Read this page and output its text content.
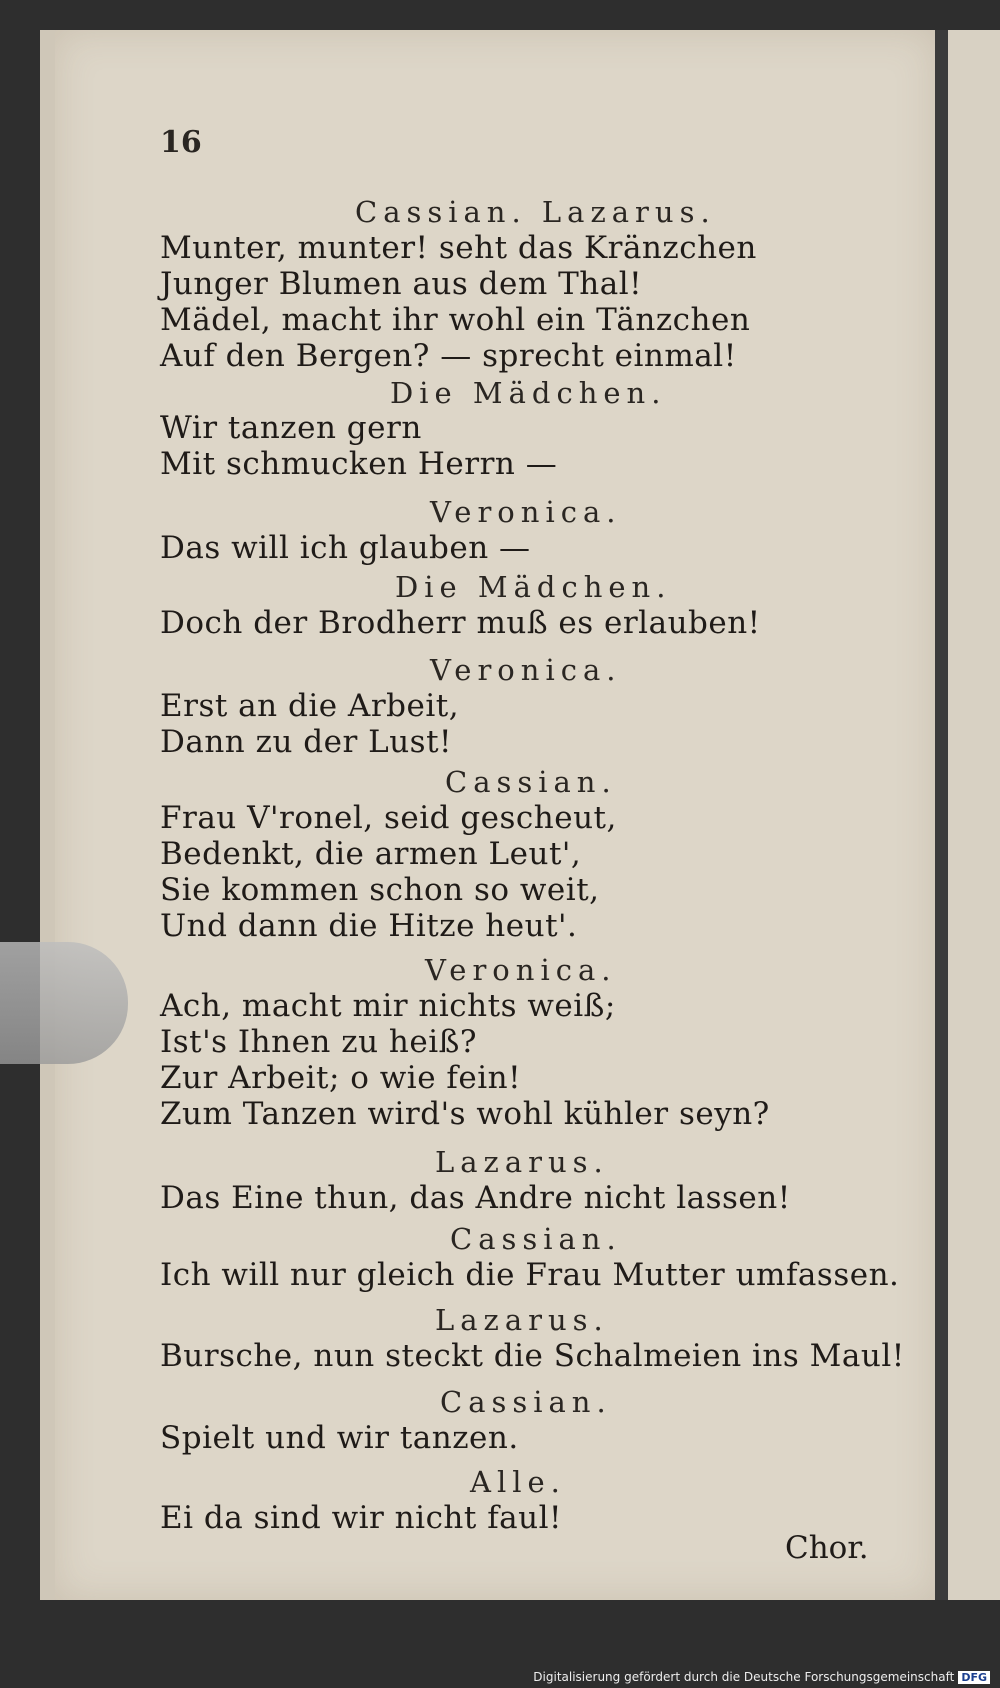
16
Cassian. Lazarus.
Munter, munter! seht das Kränzchen
Junger Blumen aus dem Thal!
Mädel, macht ihr wohl ein Tänzchen
Auf den Bergen? — sprecht einmal!
Die Mädchen.
Wir tanzen gern
Mit schmucken Herrn —
Veronica.
Das will ich glauben —
Die Mädchen.
Doch der Brodherr muß es erlauben!
Veronica.
Erst an die Arbeit,
Dann zu der Lust!
Cassian.
Frau V'ronel, seid gescheut,
Bedenkt, die armen Leut',
Sie kommen schon so weit,
Und dann die Hitze heut'.
Veronica.
Ach, macht mir nichts weiß;
Ist's Ihnen zu heiß?
Zur Arbeit; o wie fein!
Zum Tanzen wird's wohl kühler seyn?
Lazarus.
Das Eine thun, das Andre nicht lassen!
Cassian.
Ich will nur gleich die Frau Mutter umfassen.
Lazarus.
Bursche, nun steckt die Schalmeien ins Maul!
Cassian.
Spielt und wir tanzen.
Alle.
Ei da sind wir nicht faul!
Chor.
Digitalisierung gefördert durch die Deutsche Forschungsgemeinschaft DFG
